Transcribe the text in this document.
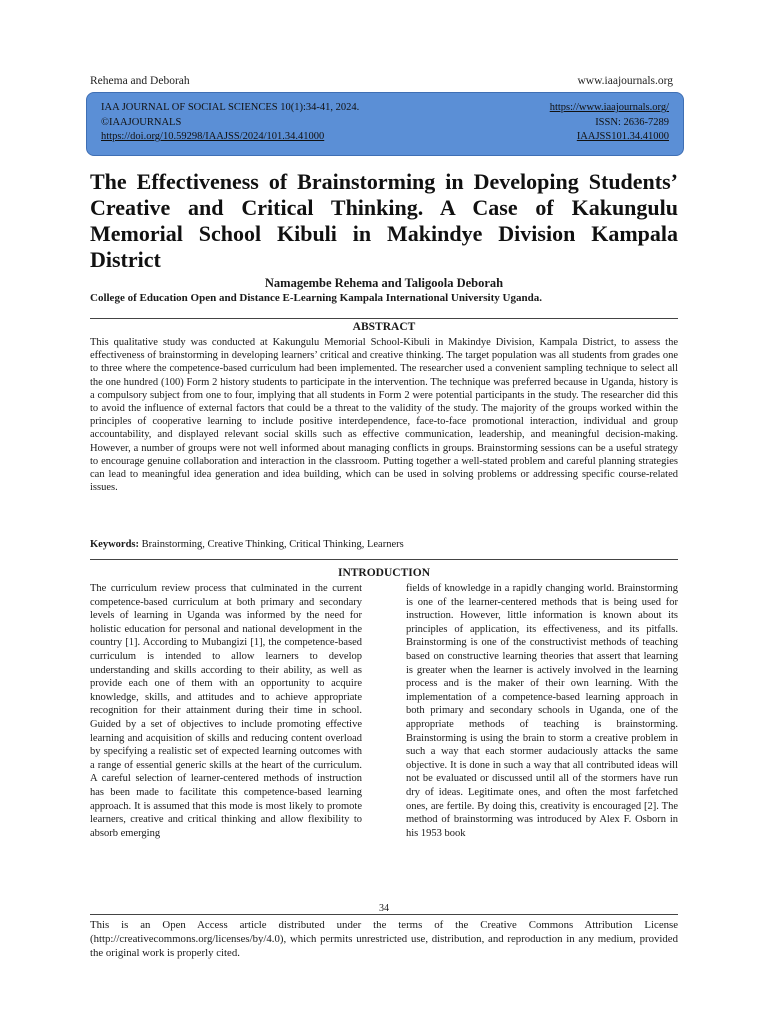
Rehema and Deborah	www.iaajournals.org
IAA JOURNAL OF SOCIAL SCIENCES 10(1):34-41, 2024.	https://www.iaajournals.org/
©IAAJOURNALS	ISSN: 2636-7289
https://doi.org/10.59298/IAAJSS/2024/101.34.41000	IAAJSS101.34.41000
The Effectiveness of Brainstorming in Developing Students’ Creative and Critical Thinking. A Case of Kakungulu Memorial School Kibuli in Makindye Division Kampala District
Namagembe Rehema and Taligoola Deborah
College of Education Open and Distance E-Learning Kampala International University Uganda.
ABSTRACT

This qualitative study was conducted at Kakungulu Memorial School-Kibuli in Makindye Division, Kampala District, to assess the effectiveness of brainstorming in developing learners’ critical and creative thinking. The target population was all students from grades one to three where the competence-based curriculum had been implemented. The researcher used a convenient sampling technique to select all the one hundred (100) Form 2 history students to participate in the intervention. The technique was preferred because in Uganda, history is a compulsory subject from one to four, implying that all students in Form 2 were potential participants in the study. The researcher did this to avoid the influence of external factors that could be a threat to the validity of the study. The majority of the groups worked within the principles of cooperative learning to include positive interdependence, face-to-face promotional interaction, individual and group accountability, and displayed relevant social skills such as effective communication, leadership, and meaningful decision-making. However, a number of groups were not well informed about managing conflicts in groups. Brainstorming sessions can be a useful strategy to encourage genuine collaboration and interaction in the classroom. Putting together a well-stated problem and careful planning strategies can lead to meaningful idea generation and idea building, which can be used in solving problems or addressing specific course-related issues.

Keywords: Brainstorming, Creative Thinking, Critical Thinking, Learners
INTRODUCTION

The curriculum review process that culminated in the current competence-based curriculum at both primary and secondary levels of learning in Uganda was informed by the need for holistic education for personal and national development in the country [1]. According to Mubangizi [1], the competence-based curriculum is intended to allow learners to develop understanding and skills according to their ability, as well as provide each one of them with an opportunity to acquire knowledge, skills, and attitudes and to achieve appropriate recognition for their attainment during their time in school. Guided by a set of objectives to include promoting effective learning and acquisition of skills and reducing content overload by specifying a realistic set of expected learning outcomes with a range of essential generic skills at the heart of the curriculum. A careful selection of learner-centered methods of instruction has been made to facilitate this competence-based learning approach. It is assumed that this mode is most likely to promote learners, creative and critical thinking and allow flexibility to absorb emerging

fields of knowledge in a rapidly changing world. Brainstorming is one of the learner-centered methods that is being used for instruction. However, little information is known about its principles of application, its effectiveness, and its pitfalls. Brainstorming is one of the constructivist methods of teaching based on constructive learning theories that assert that learning is greater when the learner is actively involved in the learning process and is the maker of their own learning. With the implementation of a competence-based learning approach in both primary and secondary schools in Uganda, one of the appropriate methods of teaching is brainstorming. Brainstorming is using the brain to storm a creative problem in such a way that each stormer audaciously attacks the same objective. It is done in such a way that all contributed ideas will not be evaluated or discussed until all of the stormers have run dry of ideas. Legitimate ones, and often the most farfetched ones, are fertile. By doing this, creativity is encouraged [2]. The method of brainstorming was introduced by Alex F. Osborn in his 1953 book

34

This is an Open Access article distributed under the terms of the Creative Commons Attribution License (http://creativecommons.org/licenses/by/4.0), which permits unrestricted use, distribution, and reproduction in any medium, provided the original work is properly cited.
